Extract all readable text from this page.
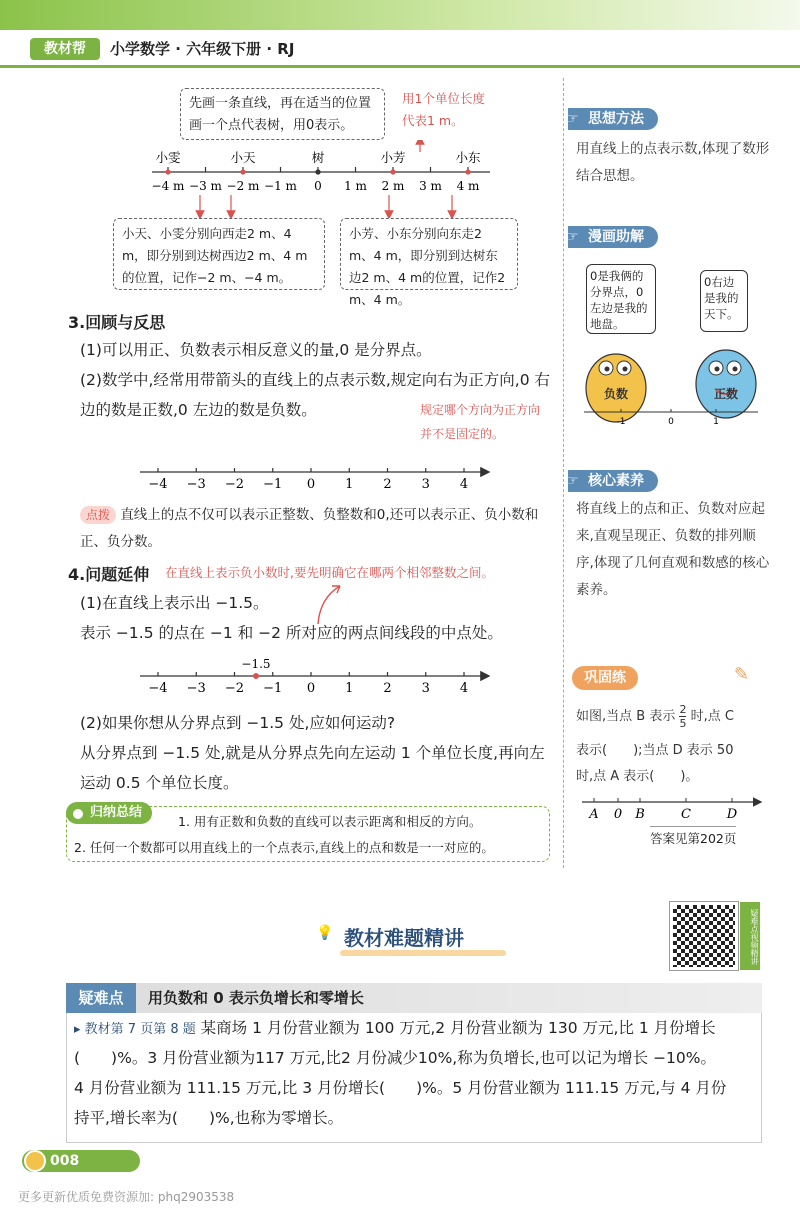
教材帮	小学数学 · 六年级下册 · RJ
先画一条直线，再在适当的位置画一个点代表树，用0表示。
用1个单位长度代表1 m。
−4 m −3 m −2 m −1 m 0 1 m 2 m 3 m 4 m
小雯	小天	树	小芳	小东
小天、小雯分别向西走2 m、4 m，即分别到达树西边2 m、4 m的位置，记作−2 m、−4 m。
小芳、小东分别向东走2 m、4 m，即分别到达树东边2 m、4 m的位置，记作2 m、4 m。
3.回顾与反思
(1)可以用正、负数表示相反意义的量,0 是分界点。
(2)数学中,经常用带箭头的直线上的点表示数,规定向右为正方向,0 右边的数是正数,0 左边的数是负数。	规定哪个方向为正方向并不是固定的。
−4 −3 −2 −1 0 1 2 3 4
点拨 直线上的点不仅可以表示正整数、负整数和0,还可以表示正、负小数和正、负分数。
4.问题延伸 在直线上表示负小数时,要先明确它在哪两个相邻整数之间。
(1)在直线上表示出 −1.5。
表示 −1.5 的点在 −1 和 −2 所对应的两点间线段的中点处。
−4 −3 −2 −1 0 1 2 3 4
−1.5
(2)如果你想从分界点到 −1.5 处,应如何运动?
从分界点到 −1.5 处,就是从分界点先向左运动 1 个单位长度,再向左运动 0.5 个单位长度。
归纳总结
1. 用有正数和负数的直线可以表示距离和相反的方向。
2. 任何一个数都可以用直线上的一个点表示,直线上的点和数是一一对应的。
思想方法
☞
用直线上的点表示数,体现了数形结合思想。
漫画助解
☞
0是我俩的分界点，0左边是我的地盘。
0右边是我的天下。
负数	正数
-1	0	1
核心素养
☞
将直线上的点和正、负数对应起来,直观呈现正、负数的排列顺序,体现了几何直观和数感的核心素养。
巩固练	✎
如图,当点 B 表示 $\frac{2}{5}$ 时,点 C
表示(　　);当点 D 表示 50
时,点 A 表示(　　)。
A 0 B	C	D
答案见第202页
💡 教材难题精讲	疑难点视频精讲
疑难点	用负数和 0 表示负增长和零增长
▸ 教材第 7 页第 8 题 某商场 1 月份营业额为 100 万元,2 月份营业额为 130 万元,比 1 月份增长
(　　)%。3 月份营业额为117 万元,比2 月份减少10%,称为负增长,也可以记为增长 −10%。
4 月份营业额为 111.15 万元,比 3 月份增长(　　)%。5 月份营业额为 111.15 万元,与 4 月份
持平,增长率为(　　)%,也称为零增长。
008 上课认真听 下课练关键
更多更新优质免费资源加: phq2903538
